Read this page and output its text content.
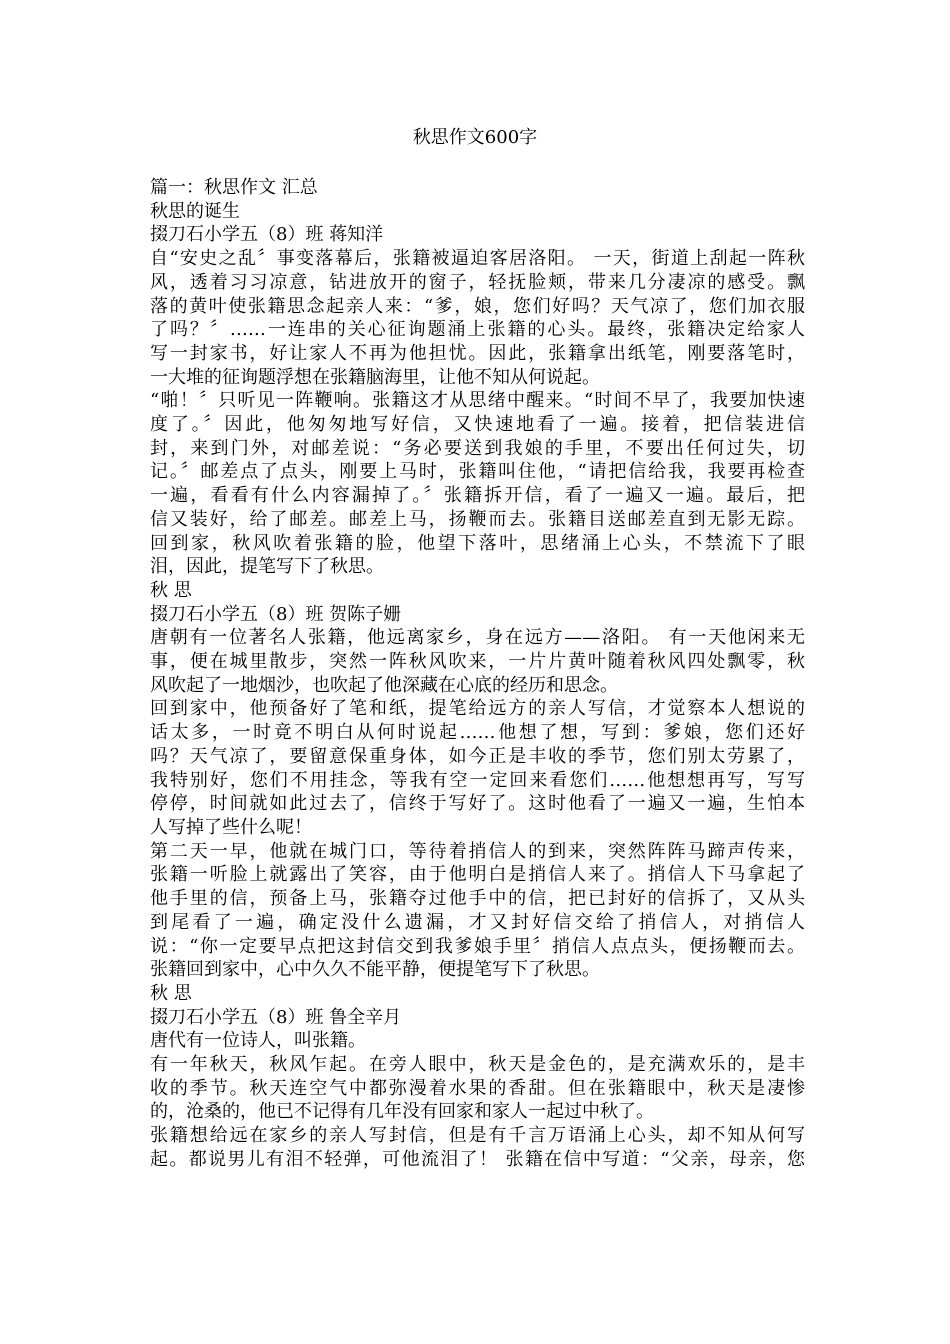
秋思作文600字
篇一：秋思作文 汇总
秋思的诞生
掇刀石小学五（8）班 蒋知洋
自“安史之乱〞事变落幕后，张籍被逼迫客居洛阳。 一天，街道上刮起一阵秋
风，透着习习凉意，钻进放开的窗子，轻抚脸颊，带来几分凄凉的感受。飘
落的黄叶使张籍思念起亲人来：“爹，娘，您们好吗？天气凉了，您们加衣服
了吗？〞……一连串的关心征询题涌上张籍的心头。最终，张籍决定给家人
写一封家书，好让家人不再为他担忧。因此，张籍拿出纸笔，刚要落笔时，
一大堆的征询题浮想在张籍脑海里，让他不知从何说起。
“啪！〞只听见一阵鞭响。张籍这才从思绪中醒来。“时间不早了，我要加快速
度了。〞因此，他匆匆地写好信，又快速地看了一遍。接着，把信装进信
封，来到门外，对邮差说：“务必要送到我娘的手里，不要出任何过失，切
记。〞邮差点了点头，刚要上马时，张籍叫住他，“请把信给我，我要再检查
一遍，看看有什么内容漏掉了。〞张籍拆开信，看了一遍又一遍。最后，把
信又装好，给了邮差。邮差上马，扬鞭而去。张籍目送邮差直到无影无踪。
回到家，秋风吹着张籍的脸，他望下落叶，思绪涌上心头，不禁流下了眼
泪，因此，提笔写下了秋思。
秋 思
掇刀石小学五（8）班 贺陈子姗
唐朝有一位著名人张籍，他远离家乡，身在远方——洛阳。 有一天他闲来无
事，便在城里散步，突然一阵秋风吹来，一片片黄叶随着秋风四处飘零，秋
风吹起了一地烟沙，也吹起了他深藏在心底的经历和思念。
回到家中，他预备好了笔和纸，提笔给远方的亲人写信，才觉察本人想说的
话太多，一时竟不明白从何时说起……他想了想，写到：爹娘，您们还好
吗？天气凉了，要留意保重身体，如今正是丰收的季节，您们别太劳累了，
我特别好，您们不用挂念，等我有空一定回来看您们……他想想再写，写写
停停，时间就如此过去了，信终于写好了。这时他看了一遍又一遍，生怕本
人写掉了些什么呢！
第二天一早，他就在城门口，等待着捎信人的到来，突然阵阵马蹄声传来，
张籍一听脸上就露出了笑容，由于他明白是捎信人来了。捎信人下马拿起了
他手里的信，预备上马，张籍夺过他手中的信，把已封好的信拆了，又从头
到尾看了一遍，确定没什么遗漏，才又封好信交给了捎信人，对捎信人
说：“你一定要早点把这封信交到我爹娘手里〞捎信人点点头，便扬鞭而去。
张籍回到家中，心中久久不能平静，便提笔写下了秋思。
秋 思
掇刀石小学五（8）班 鲁全辛月
唐代有一位诗人，叫张籍。
有一年秋天，秋风乍起。在旁人眼中，秋天是金色的，是充满欢乐的，是丰
收的季节。秋天连空气中都弥漫着水果的香甜。但在张籍眼中，秋天是凄惨
的，沧桑的，他已不记得有几年没有回家和家人一起过中秋了。
张籍想给远在家乡的亲人写封信，但是有千言万语涌上心头，却不知从何写
起。都说男儿有泪不轻弹，可他流泪了！ 张籍在信中写道：“父亲，母亲，您
